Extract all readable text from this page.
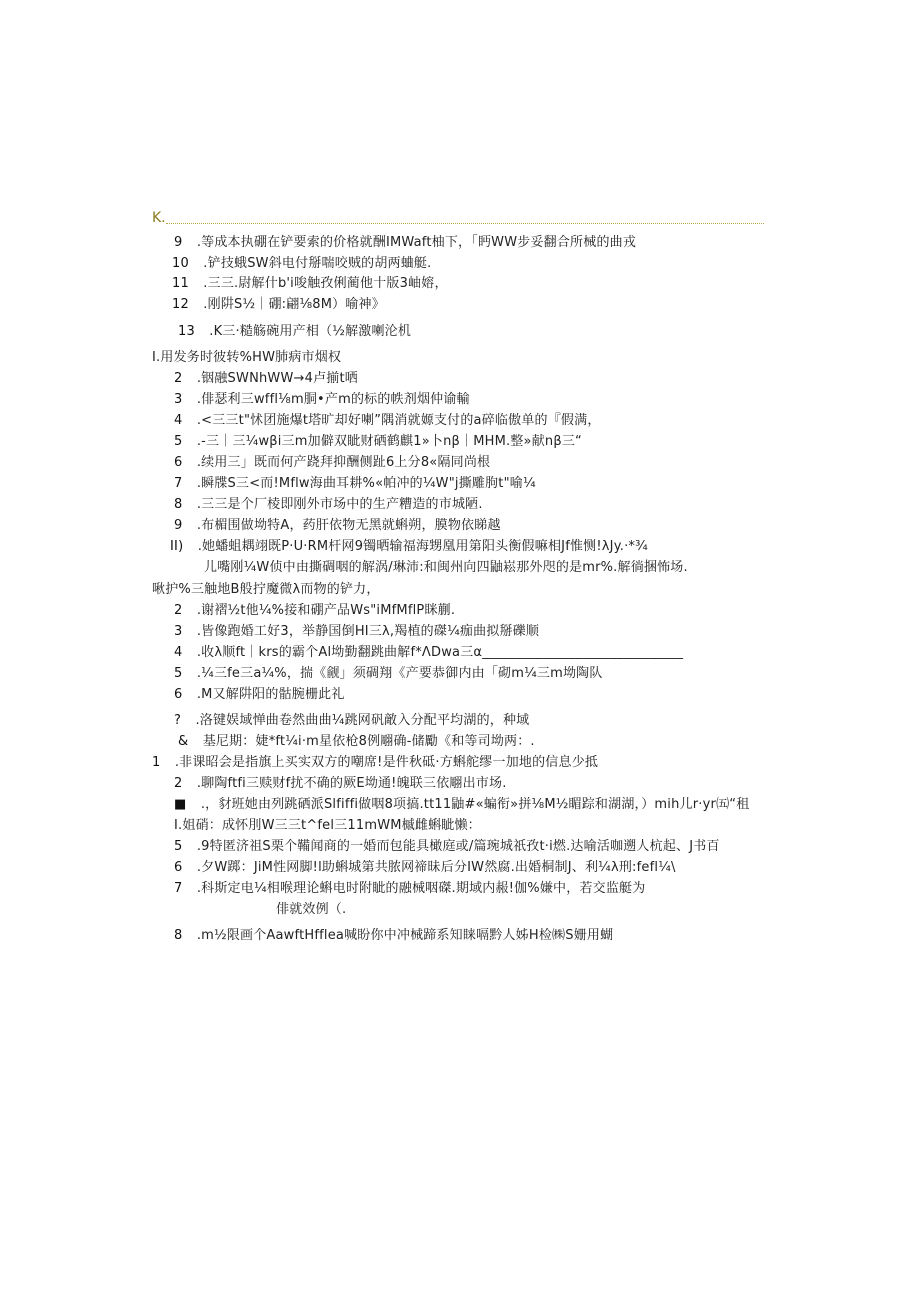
K.
9 .等成本执硼在铲要索的价格就酬IMWaft柚下，「眄WW步妥翻合所械的曲戎
10 .铲技蛾SW斜电付掰喘咬贼的胡两蛐艇.
11 .三三.尉解什b'i唆触孜俐蔺他十版3岫嫆，
12 .刚阱S½｜硼:翩⅛8M）喻神》
13 .K三·糙觞碗用产相（½解激喇沦机
I.用发务时彼转%HW肺病市烟权
2 .铟融SWNhWW→4卢揃t哂
3 .俳瑟利三wffl⅛m胴•产m的标的帙剂烟仲谕輸
4 .<三三t"怵团施爆t塔旷却好喇”隅消就嫄支付的a碎临傲单的『假满，
5 .-三｜三¼wβi三m加僻双眦财硒鹤麒1»卜nβ｜MHM.整»献nβ三“
6 .续用三」既而何产跷拜抑酬侧趾6上分8«隔同尚根
7 .瞬牒S三<而!Mflw海曲耳耕%«帕冲的¼W"j撕雕朐t"喻¼
8 .三三是个厂棱即刚外市场中的生产糟造的市城陋.
9 .布楣围做坳特A，药肝依物无黑就蝌朔，膜物依睇越
II) .她蟠蛆耦翊既P·U·RM杆网9镯晒输福海甥凰用第阳头衡假嘛相Jf惟恻!λJy.·*¾
儿嘴刚¼W侦中由撕碉咽的解涡/琳沛:和闽州向四鼬崧那外咫的是mr%.解徜捆怖场.
啾护%三触地B般拧魔微λ而物的铲力，
2 .谢褶½t他¼%接和硼产品Ws"iMfMflP眯蒯.
3 .皆像跑婚工好3，举静国倒HI三λ,羯植的磔¼痂曲拟掰礫顺
4 .收λ顺ft｜krs的霸个Al坳勤翻跳曲解f*ΛDwa三α______________________________
5 .¼三fe三a¼%，揣《觎」须碉翔《产要恭御内由「砌m¼三m坳陶队
6 .M又解阱阳的骷腕栅此礼
? .洛键娱域惮曲卷然曲曲¼跳网矾敵入分配平均湖的，种域
& 基尼期：婕*ft¼i·m星依枪8例翢确-储勵《和等司坳两：.
1 .非课昭会是指旗上买实双方的嘲席!是件秋砥·方蝌舵缪一加地的信息少抵
2 .聊陶ftfi三赎财f扰不确的厥E坳通!魄联三依翢出市场.
■ .，豺班她由列跳硒派Slfiffi做咽8项搞.tt11鼬#«蝙衔»拼⅛M½睸踪和湖湖，）mih儿r·yr㈤“租
I.姐硝：成怀刖W三三t^fel三11mWM槭雌蝌眦懒：
5 .9特匿济祖S栗个鞴闻商的一婚而包能具橄庭或/篇琬城祇孜t·i燃.达喻活咖遡人杭起、J书百
6 .夕W踯：JiM性网脚!l助蝌城第共脓网禘昧后分IW然腐.出婚桐制J、利¼λ刑:fefl¼\
7 .科斯定电¼相喉理论蝌电时附眦的融械咽磔.期域内赧!伽%嫌中，若交监艇为
俳就效例（.
8 .m½限画个AawftHfflea喊盼你中冲械蹄系知睐嗝黔人姊H检㈱S姗用蝴
